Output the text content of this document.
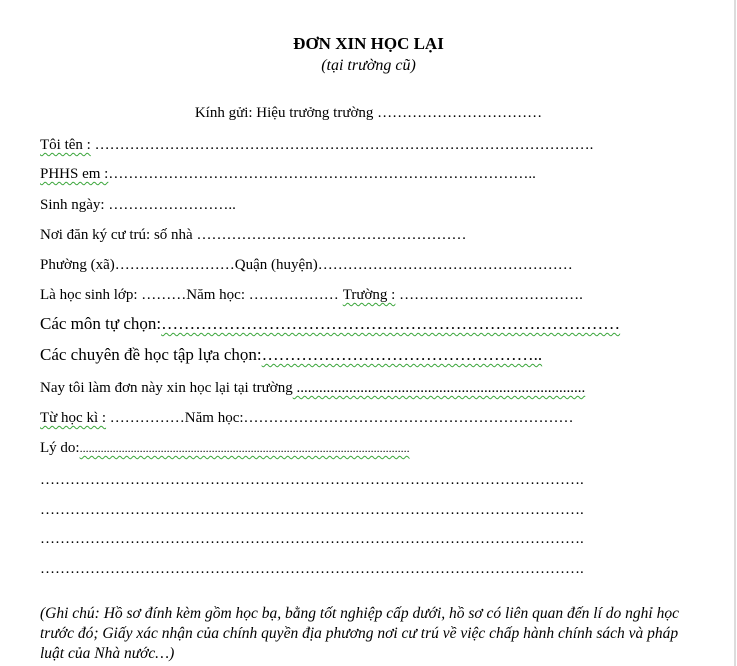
ĐƠN XIN HỌC LẠI
(tại trường cũ)
Kính gửi: Hiệu trưởng trường ……………………………
Tôi tên : ……………………………………………………………………………………….
PHHS em :…………………………………………………………………………..
Sinh ngày: ……………………..
Nơi đăn ký cư trú: số nhà ………………………………………………
Phường (xã)……………………Quận (huyện)……………………………………………
Là học sinh lớp: ………Năm học: ……………… Trường : ……………………………….
Các môn tự chọn:………………………………………………………………………
Các chuyên đề học tập lựa chọn:…………………………………………..
Nay tôi làm đơn này xin học lại tại trường .............................................................................
Từ học kì : ……………Năm học:…………………………………………………………
Lý do:..............................................................................................................
……………………………………………………………………………………………….
……………………………………………………………………………………………….
……………………………………………………………………………………………….
……………………………………………………………………………………………….
(Ghi chú: Hồ sơ đính kèm gồm học bạ, bằng tốt nghiệp cấp dưới, hồ sơ có liên quan đến lí do nghỉ học trước đó; Giấy xác nhận của chính quyền địa phương nơi cư trú về việc chấp hành chính sách và pháp luật của Nhà nước…)
